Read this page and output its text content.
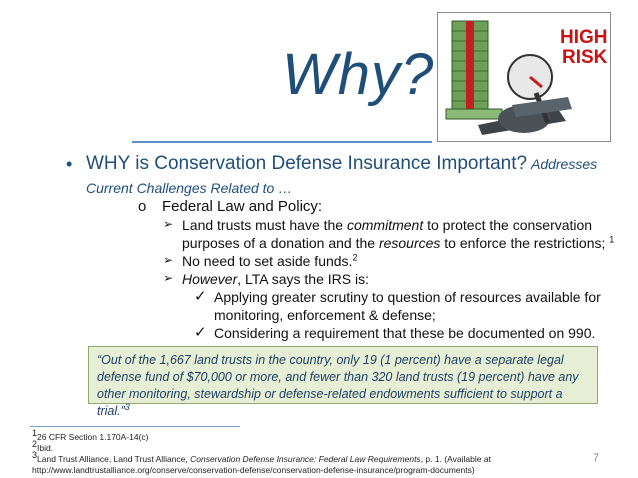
Why?
HIGH
RISK
• WHY is Conservation Defense Insurance Important? Addresses
Current Challenges Related to …
o Federal Law and Policy:
➢ Land trusts must have the commitment to protect the conservation
purposes of a donation and the resources to enforce the restrictions; $^1$
➢ No need to set aside funds.$^2$
➢ However, LTA says the IRS is:
✓ Applying greater scrutiny to question of resources available for
monitoring, enforcement & defense;
✓ Considering a requirement that these be documented on 990.
“Out of the 1,667 land trusts in the country, only 19 (1 percent) have a separate legal defense fund of $70,000 or more, and fewer than 320 land trusts (19 percent) have any other monitoring, stewardship or defense-related endowments sufficient to support a trial.”$^3$
126 CFR Section 1.170A-14(c)
2Ibid.
3Land Trust Alliance, Land Trust Alliance, Conservation Defense Insurance: Federal Law Requirements, p. 1. (Available at
http://www.landtrustalliance.org/conserve/conservation-defense/conservation-defense-insurance/program-documents)
7
